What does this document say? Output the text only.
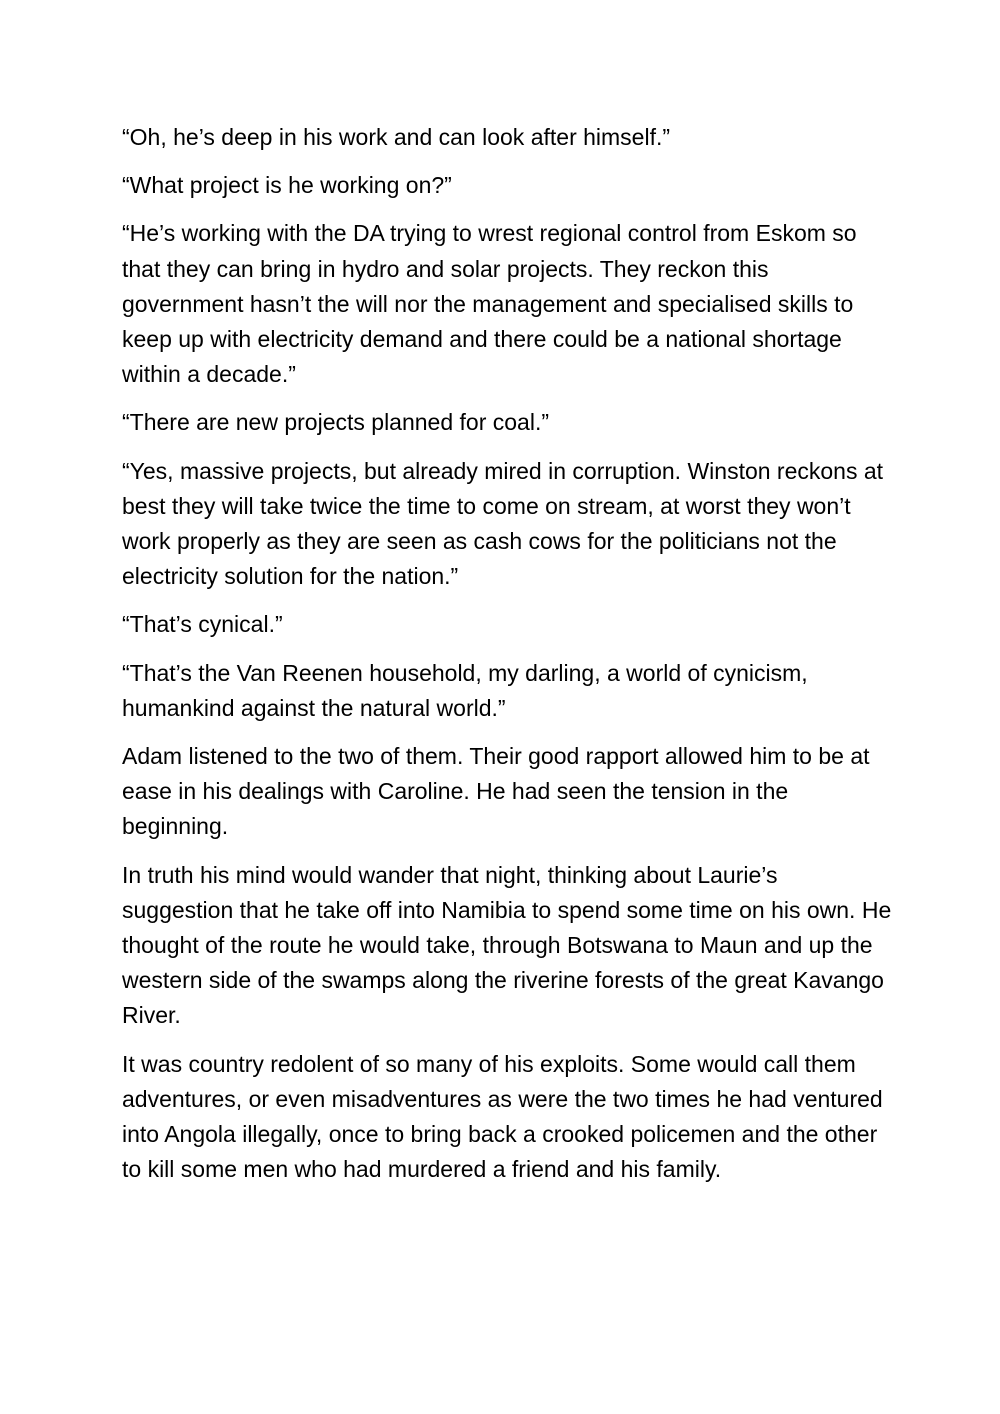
“Oh, he’s deep in his work and can look after himself.”

“What project is he working on?”

“He’s working with the DA trying to wrest regional control from Eskom so that they can bring in hydro and solar projects. They reckon this government hasn’t the will nor the management and specialised skills to keep up with electricity demand and there could be a national shortage within a decade.”

“There are new projects planned for coal.”

“Yes, massive projects, but already mired in corruption. Winston reckons at best they will take twice the time to come on stream, at worst they won’t work properly as they are seen as cash cows for the politicians not the electricity solution for the nation.”

“That’s cynical.”

“That’s the Van Reenen household, my darling, a world of cynicism, humankind against the natural world.”

Adam listened to the two of them. Their good rapport allowed him to be at ease in his dealings with Caroline. He had seen the tension in the beginning.

In truth his mind would wander that night, thinking about Laurie’s suggestion that he take off into Namibia to spend some time on his own. He thought of the route he would take, through Botswana to Maun and up the western side of the swamps along the riverine forests of the great Kavango River.

It was country redolent of so many of his exploits. Some would call them adventures, or even misadventures as were the two times he had ventured into Angola illegally, once to bring back a crooked policemen and the other to kill some men who had murdered a friend and his family.
